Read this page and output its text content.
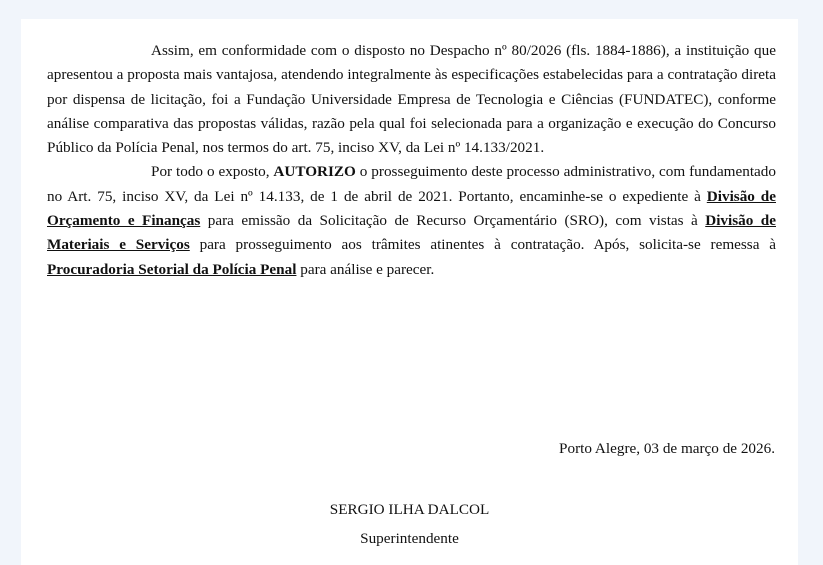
Assim, em conformidade com o disposto no Despacho nº 80/2026 (fls. 1884-1886), a instituição que apresentou a proposta mais vantajosa, atendendo integralmente às especificações estabelecidas para a contratação direta por dispensa de licitação, foi a Fundação Universidade Empresa de Tecnologia e Ciências (FUNDATEC), conforme análise comparativa das propostas válidas, razão pela qual foi selecionada para a organização e execução do Concurso Público da Polícia Penal, nos termos do art. 75, inciso XV, da Lei nº 14.133/2021.

Por todo o exposto, AUTORIZO o prosseguimento deste processo administrativo, com fundamentado no Art. 75, inciso XV, da Lei nº 14.133, de 1 de abril de 2021. Portanto, encaminhe-se o expediente à Divisão de Orçamento e Finanças para emissão da Solicitação de Recurso Orçamentário (SRO), com vistas à Divisão de Materiais e Serviços para prosseguimento aos trâmites atinentes à contratação. Após, solicita-se remessa à Procuradoria Setorial da Polícia Penal para análise e parecer.

Porto Alegre, 03 de março de 2026.

SERGIO ILHA DALCOL

Superintendente
